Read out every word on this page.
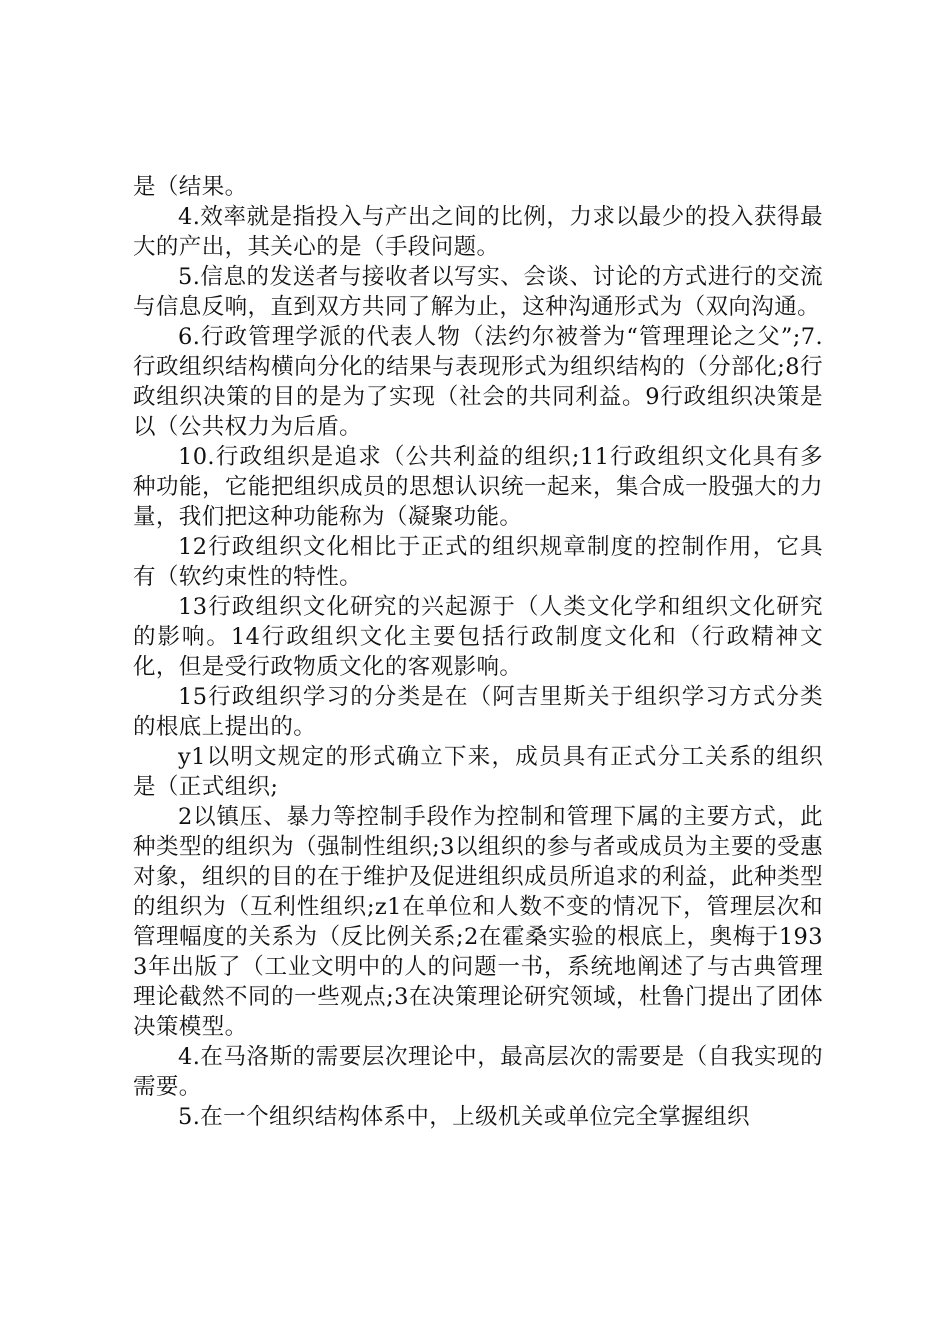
是（结果。

4.效率就是指投入与产出之间的比例，力求以最少的投入获得最大的产出，其关心的是（手段问题。

5.信息的发送者与接收者以写实、会谈、讨论的方式进行的交流与信息反响，直到双方共同了解为止，这种沟通形式为（双向沟通。

6.行政管理学派的代表人物（法约尔被誉为“管理理论之父”;7.行政组织结构横向分化的结果与表现形式为组织结构的（分部化;8行政组织决策的目的是为了实现（社会的共同利益。9行政组织决策是以（公共权力为后盾。

10.行政组织是追求（公共利益的组织;11行政组织文化具有多种功能，它能把组织成员的思想认识统一起来，集合成一股强大的力量，我们把这种功能称为（凝聚功能。

12行政组织文化相比于正式的组织规章制度的控制作用，它具有（软约束性的特性。

13行政组织文化研究的兴起源于（人类文化学和组织文化研究的影响。14行政组织文化主要包括行政制度文化和（行政精神文化，但是受行政物质文化的客观影响。

15行政组织学习的分类是在（阿吉里斯关于组织学习方式分类的根底上提出的。

y1以明文规定的形式确立下来，成员具有正式分工关系的组织是（正式组织;

2以镇压、暴力等控制手段作为控制和管理下属的主要方式，此种类型的组织为（强制性组织;3以组织的参与者或成员为主要的受惠对象，组织的目的在于维护及促进组织成员所追求的利益，此种类型的组织为（互利性组织;z1在单位和人数不变的情况下，管理层次和管理幅度的关系为（反比例关系;2在霍桑实验的根底上，奥梅于1933年出版了（工业文明中的人的问题一书，系统地阐述了与古典管理理论截然不同的一些观点;3在决策理论研究领域，杜鲁门提出了团体决策模型。

4.在马洛斯的需要层次理论中，最高层次的需要是（自我实现的需要。

5.在一个组织结构体系中，上级机关或单位完全掌握组织
